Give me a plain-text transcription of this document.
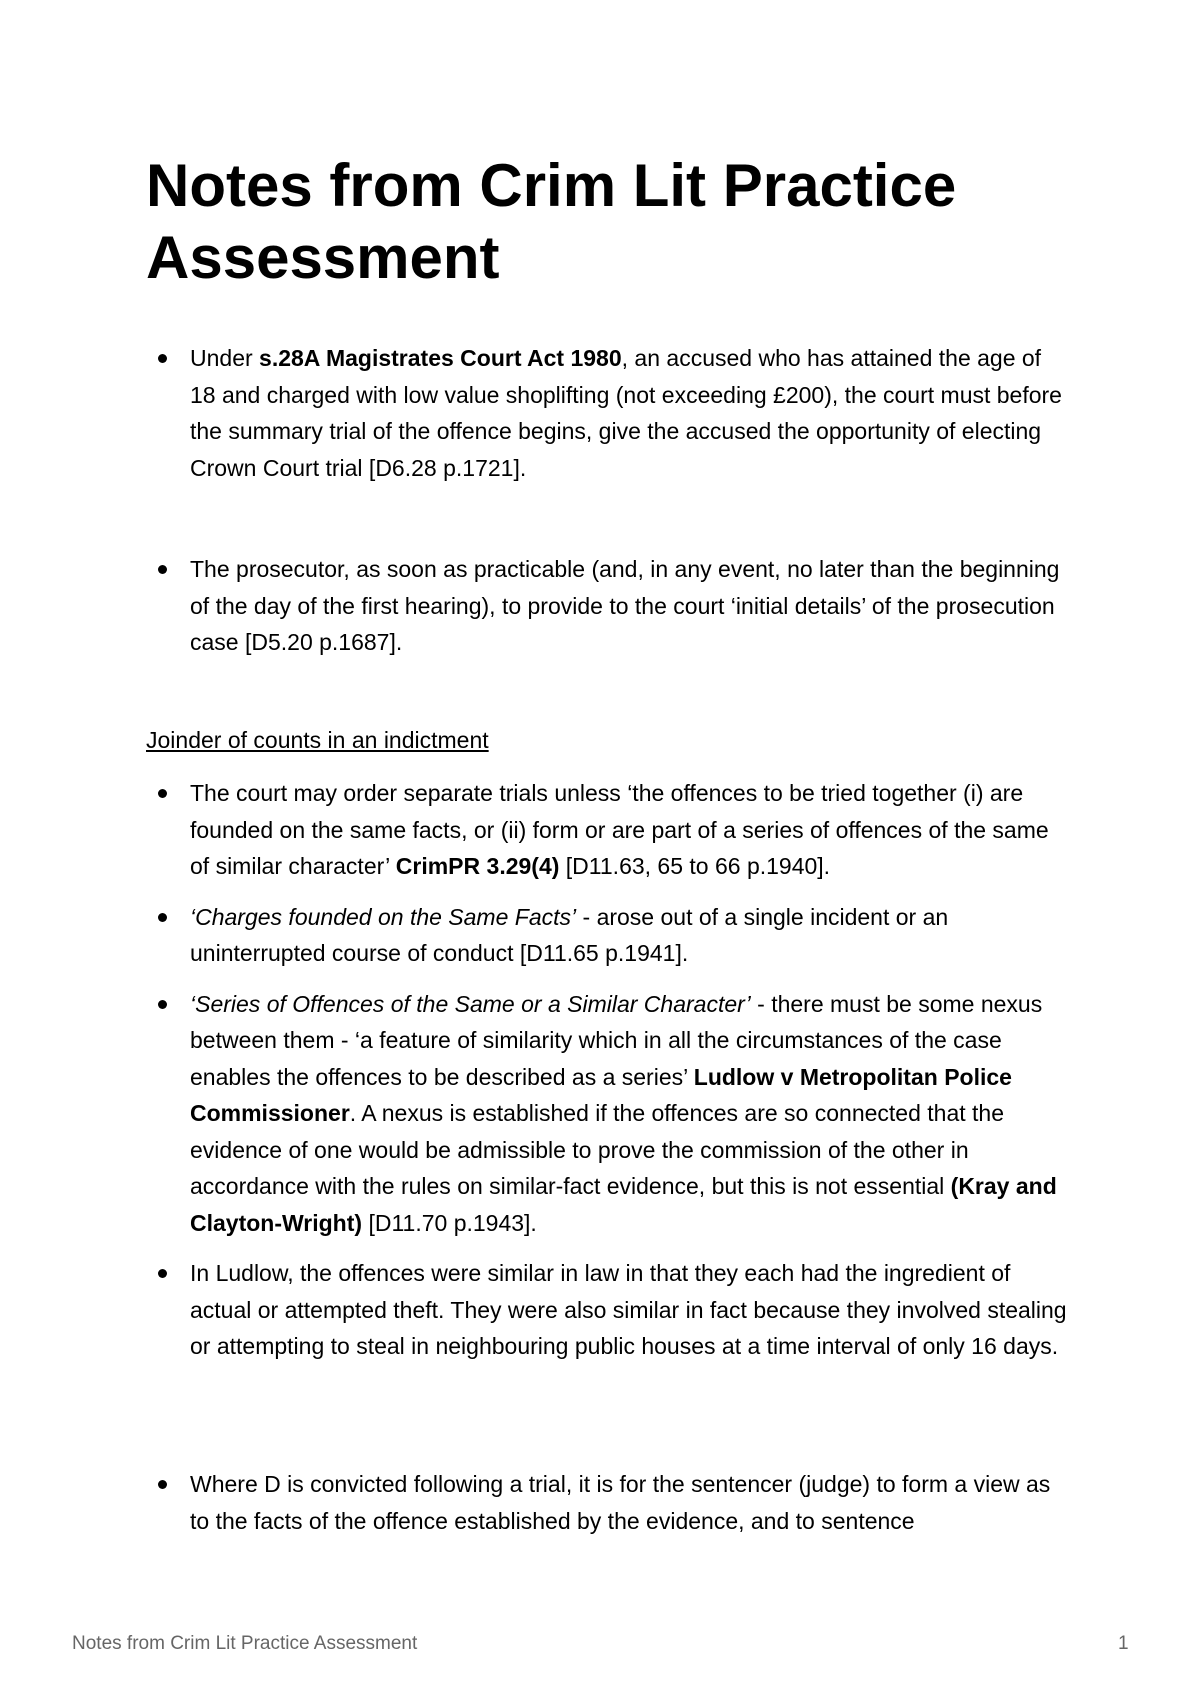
Notes from Crim Lit Practice Assessment
Under s.28A Magistrates Court Act 1980, an accused who has attained the age of 18 and charged with low value shoplifting (not exceeding £200), the court must before the summary trial of the offence begins, give the accused the opportunity of electing Crown Court trial [D6.28 p.1721].
The prosecutor, as soon as practicable (and, in any event, no later than the beginning of the day of the first hearing), to provide to the court ‘initial details’ of the prosecution case [D5.20 p.1687].
Joinder of counts in an indictment
The court may order separate trials unless ‘the offences to be tried together (i) are founded on the same facts, or (ii) form or are part of a series of offences of the same of similar character’ CrimPR 3.29(4) [D11.63, 65 to 66 p.1940].
‘Charges founded on the Same Facts’ - arose out of a single incident or an uninterrupted course of conduct [D11.65 p.1941].
‘Series of Offences of the Same or a Similar Character’ - there must be some nexus between them - ‘a feature of similarity which in all the circumstances of the case enables the offences to be described as a series’ Ludlow v Metropolitan Police Commissioner. A nexus is established if the offences are so connected that the evidence of one would be admissible to prove the commission of the other in accordance with the rules on similar-fact evidence, but this is not essential (Kray and Clayton-Wright) [D11.70 p.1943].
In Ludlow, the offences were similar in law in that they each had the ingredient of actual or attempted theft. They were also similar in fact because they involved stealing or attempting to steal in neighbouring public houses at a time interval of only 16 days.
Where D is convicted following a trial, it is for the sentencer (judge) to form a view as to the facts of the offence established by the evidence, and to sentence
Notes from Crim Lit Practice Assessment	1
